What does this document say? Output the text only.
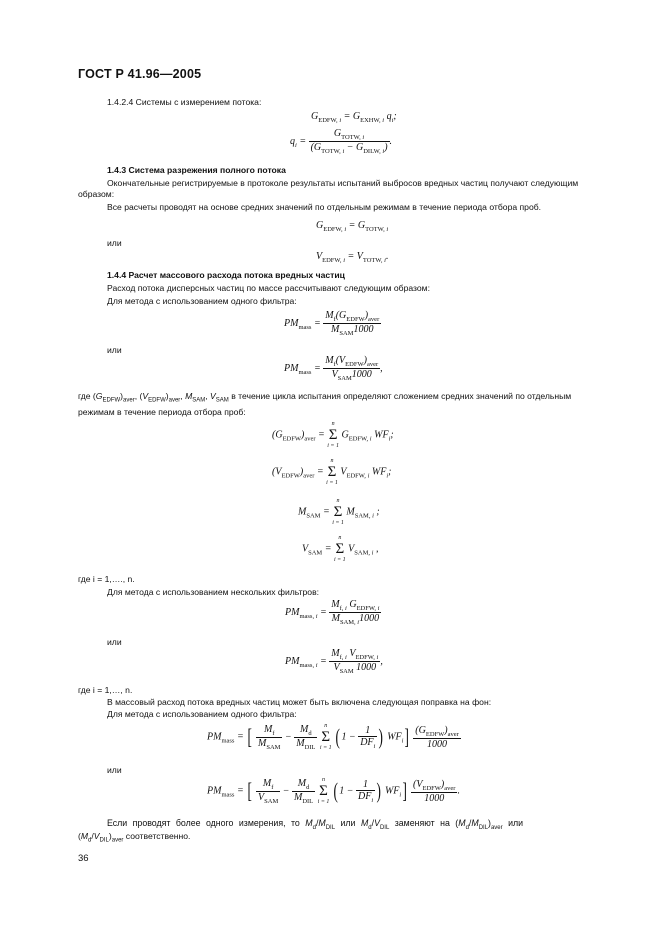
ГОСТ Р 41.96—2005
1.4.2.4 Системы с измерением потока:
$G_{EDFW, i} = G_{EXHW, i}$ $q_i$;
$q_i = \frac{G_{TOTW, i}}{(G_{TOTW, i} - G_{DILW, i})}$ .
1.4.3 Система разрежения полного потока
Окончательные регистрируемые в протоколе результаты испытаний выбросов вредных частиц получают следующим образом:
Все расчеты проводят на основе средних значений по отдельным режимам в течение периода отбора проб.
$G_{EDFW, i} = G_{TOTW, i}$
или
$V_{EDFW, i} = V_{TOTW, i}$.
1.4.4 Расчет массового расхода потока вредных частиц
Расход потока дисперсных частиц по массе рассчитывают следующим образом:
Для метода с использованием одного фильтра:
$PM_{mass} = \frac{M_f(G_{EDFW})_{aver}}{M_{SAM}1000}$
или
$PM_{mass} = \frac{M_f(V_{EDFW})_{aver}}{V_{SAM}1000}$ ,
где $(G_{EDFW})_{aver}$, $(V_{EDFW})_{aver}$, $M_{SAM}$, $V_{SAM}$ в течение цикла испытания определяют сложением средних значений по отдельным режимам в течение периода отбора проб:
$(G_{EDFW})_{aver}$ =
n
Σ
i = 1
$G_{EDFW, i}$ $WF_i$;
$(V_{EDFW})_{aver}$ =
n
Σ
i = 1
$V_{EDFW, i}$ $WF_i$;
$M_{SAM}$ =
n
Σ
i = 1
$M_{SAM, i}$ ;
$V_{SAM}$ =
n
Σ
i = 1
$V_{SAM, i}$ ,
где i = 1,…., n.
Для метода с использованием нескольких фильтров:
$PM_{mass, i} = \frac{M_{f, i} G_{EDFW, i}}{M_{SAM, i}1000}$
или
$PM_{mass, i} = \frac{M_{f, i} V_{EDFW, i}}{V_{SAM} 1000}$ ,
где i = 1,…, n.
В массовый расход потока вредных частиц может быть включена следующая поправка на фон:
Для метода с использованием одного фильтра:
$PM_{mass}$ = [ $\frac{M_f}{M_{SAM}} - \frac{M_d}{M_{DIL}}$
	n
Σ
i = 1 ($1 - \frac{1}{DF_i}$ ) $WF_i] \frac{(G_{EDFW})_{aver}}{1000}$
или
$PM_{mass}$ = [ $\frac{M_f}{V_{SAM}} - \frac{M_d}{M_{DIL}}$
	n
Σ
i = 1 ($1 - \frac{1}{DF_i}$ ) $WF_i] \frac{(V_{EDFW})_{aver}}{1000}$ .
Если проводят более одного измерения, то $M_d/M_{DIL}$ или $M_d/V_{DIL}$ заменяют на $(M_d/M_{DIL})_{aver}$ или
$(M_d/V_{DIL})_{aver}$ соответственно.
36
